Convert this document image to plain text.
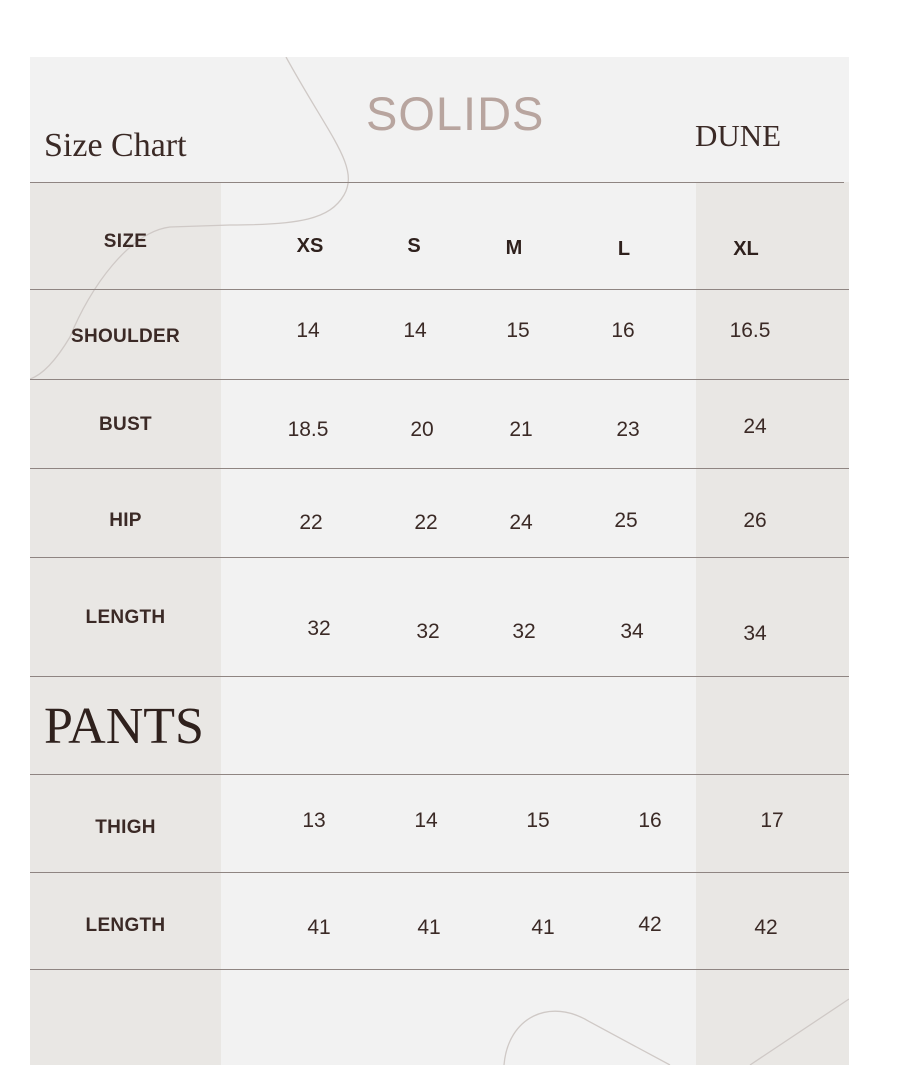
Size Chart
SOLIDS	DUNE
SIZE	XS	S	M	L	XL
SHOULDER	14	14	15	16	16.5
BUST	18.5	20	21	23	24
HIP	22	22	24	25	26
LENGTH	32	32	32	34	34
PANTS
THIGH	13	14	15	16	17
LENGTH	41	41	41	42	42
